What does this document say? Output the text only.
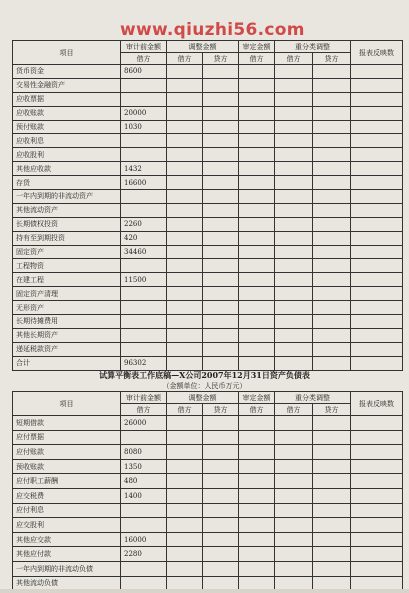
www.qiuzhi56.com
项目	审计前金额	调整金额		审定金额	重分类调整		报表反映数
	借方	借方	贷方	借方	借方	贷方	
货币资金	8600						
交易性金融资产							
应收票据							
应收账款	20000						
预付账款	1030						
应收利息							
应收股利							
其他应收款	1432						
存货	16600						
一年内到期的非流动资产							
其他流动资产							
长期债权投资	2260						
持有至到期投资	420						
固定资产	34460						
工程物资							
在建工程	11500						
固定资产清理							
无形资产							
长期待摊费用							
其他长期资产							
递延税款资产							
合计	96302						
试算平衡表工作底稿—X公司2007年12月31日资产负债表
（金额单位：人民币万元）
项目	审计前金额	调整金额		审定金额	重分类调整		报表反映数
	借方	借方	贷方	借方	借方	贷方	
短期借款	26000						
应付票据							
应付账款	8080						
预收账款	1350						
应付职工薪酬	480						
应交税费	1400						
应付利息							
应交股利							
其他应交款	16000						
其他应付款	2280						
一年内到期的非流动负债							
其他流动负债							
